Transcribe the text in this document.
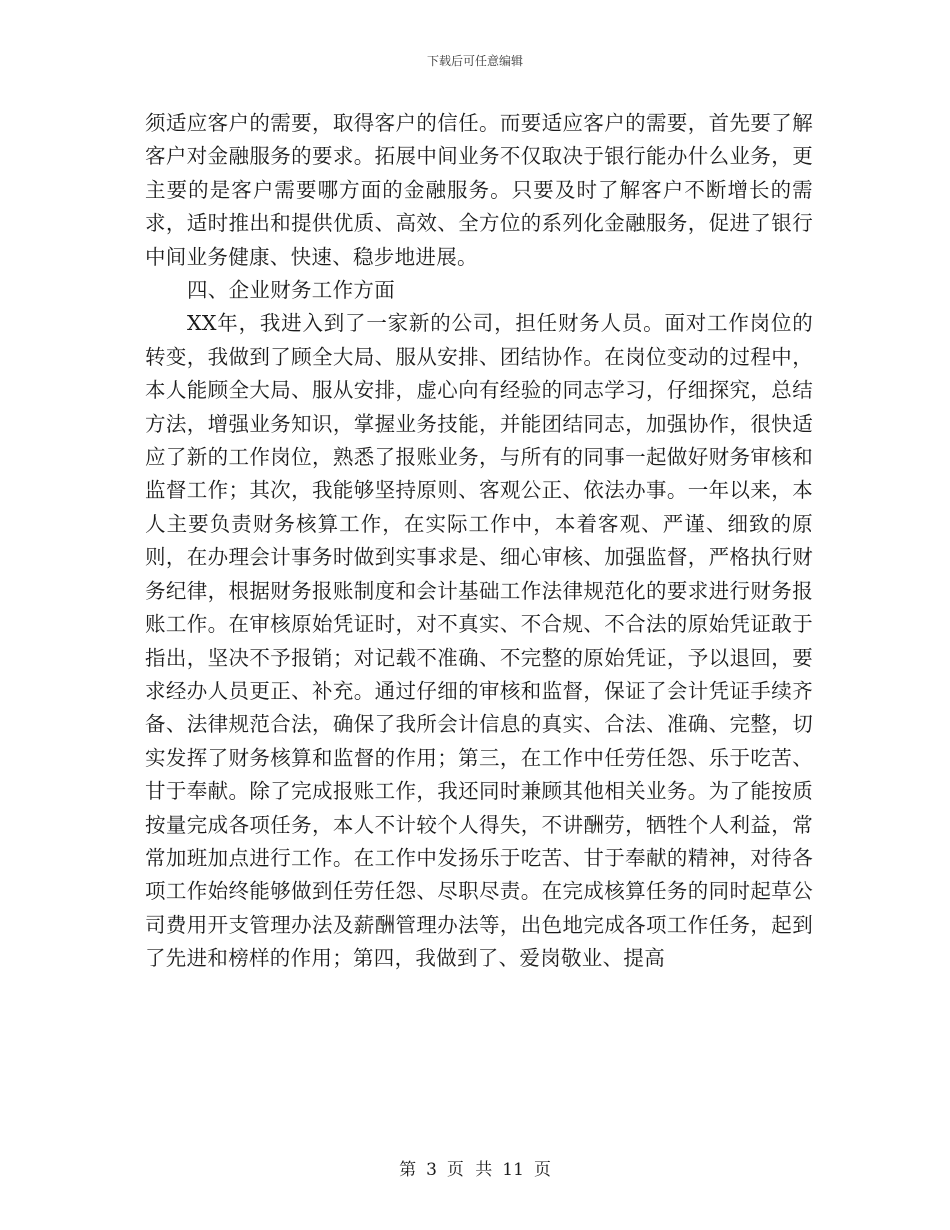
下载后可任意编辑

须适应客户的需要，取得客户的信任。而要适应客户的需要，首先要了解客户对金融服务的要求。拓展中间业务不仅取决于银行能办什么业务，更主要的是客户需要哪方面的金融服务。只要及时了解客户不断增长的需求，适时推出和提供优质、高效、全方位的系列化金融服务，促进了银行中间业务健康、快速、稳步地进展。

四、企业财务工作方面

XX年，我进入到了一家新的公司，担任财务人员。面对工作岗位的转变，我做到了顾全大局、服从安排、团结协作。在岗位变动的过程中，本人能顾全大局、服从安排，虚心向有经验的同志学习，仔细探究，总结方法，增强业务知识，掌握业务技能，并能团结同志，加强协作，很快适应了新的工作岗位，熟悉了报账业务，与所有的同事一起做好财务审核和监督工作；其次，我能够坚持原则、客观公正、依法办事。一年以来，本人主要负责财务核算工作，在实际工作中，本着客观、严谨、细致的原则，在办理会计事务时做到实事求是、细心审核、加强监督，严格执行财务纪律，根据财务报账制度和会计基础工作法律规范化的要求进行财务报账工作。在审核原始凭证时，对不真实、不合规、不合法的原始凭证敢于指出，坚决不予报销；对记载不准确、不完整的原始凭证，予以退回，要求经办人员更正、补充。通过仔细的审核和监督，保证了会计凭证手续齐备、法律规范合法，确保了我所会计信息的真实、合法、准确、完整，切实发挥了财务核算和监督的作用；第三，在工作中任劳任怨、乐于吃苦、甘于奉献。除了完成报账工作，我还同时兼顾其他相关业务。为了能按质按量完成各项任务，本人不计较个人得失，不讲酬劳，牺牲个人利益，常常加班加点进行工作。在工作中发扬乐于吃苦、甘于奉献的精神，对待各项工作始终能够做到任劳任怨、尽职尽责。在完成核算任务的同时起草公司费用开支管理办法及薪酬管理办法等，出色地完成各项工作任务，起到了先进和榜样的作用；第四，我做到了、爱岗敬业、提高

第 3 页 共 11 页
